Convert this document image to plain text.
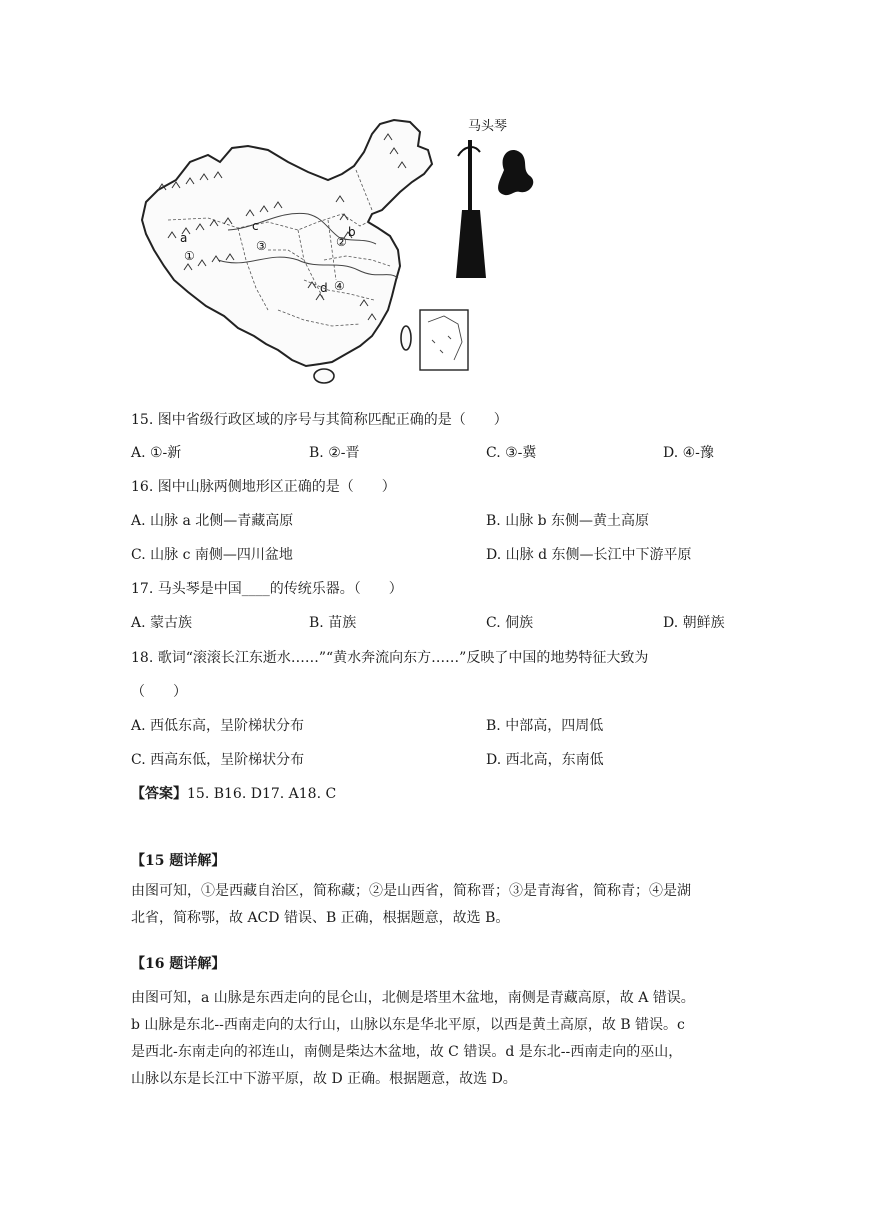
①
②
③
④
a	b
c
d
马头琴
15. 图中省级行政区域的序号与其简称匹配正确的是（　　）
A. ①-新	B. ②-晋	C. ③-冀	D. ④-豫
16. 图中山脉两侧地形区正确的是（　　）
A. 山脉 a 北侧—青藏高原	B. 山脉 b 东侧—黄土高原
C. 山脉 c 南侧—四川盆地	D. 山脉 d 东侧—长江中下游平原
17. 马头琴是中国____的传统乐器。（　　）
A. 蒙古族	B. 苗族	C. 侗族	D. 朝鲜族
18. 歌词“滚滚长江东逝水……”“黄水奔流向东方……”反映了中国的地势特征大致为
（　　）
A. 西低东高，呈阶梯状分布	B. 中部高，四周低
C. 西高东低，呈阶梯状分布	D. 西北高，东南低
【答案】15. B16. D17. A18. C
【15 题详解】
由图可知，①是西藏自治区，简称藏；②是山西省，简称晋；③是青海省，简称青；④是湖
北省，简称鄂，故 ACD 错误、B 正确，根据题意，故选 B。
【16 题详解】
由图可知，a 山脉是东西走向的昆仑山，北侧是塔里木盆地，南侧是青藏高原，故 A 错误。
b 山脉是东北--西南走向的太行山，山脉以东是华北平原，以西是黄土高原，故 B 错误。c
是西北-东南走向的祁连山，南侧是柴达木盆地，故 C 错误。d 是东北--西南走向的巫山，
山脉以东是长江中下游平原，故 D 正确。根据题意，故选 D。
